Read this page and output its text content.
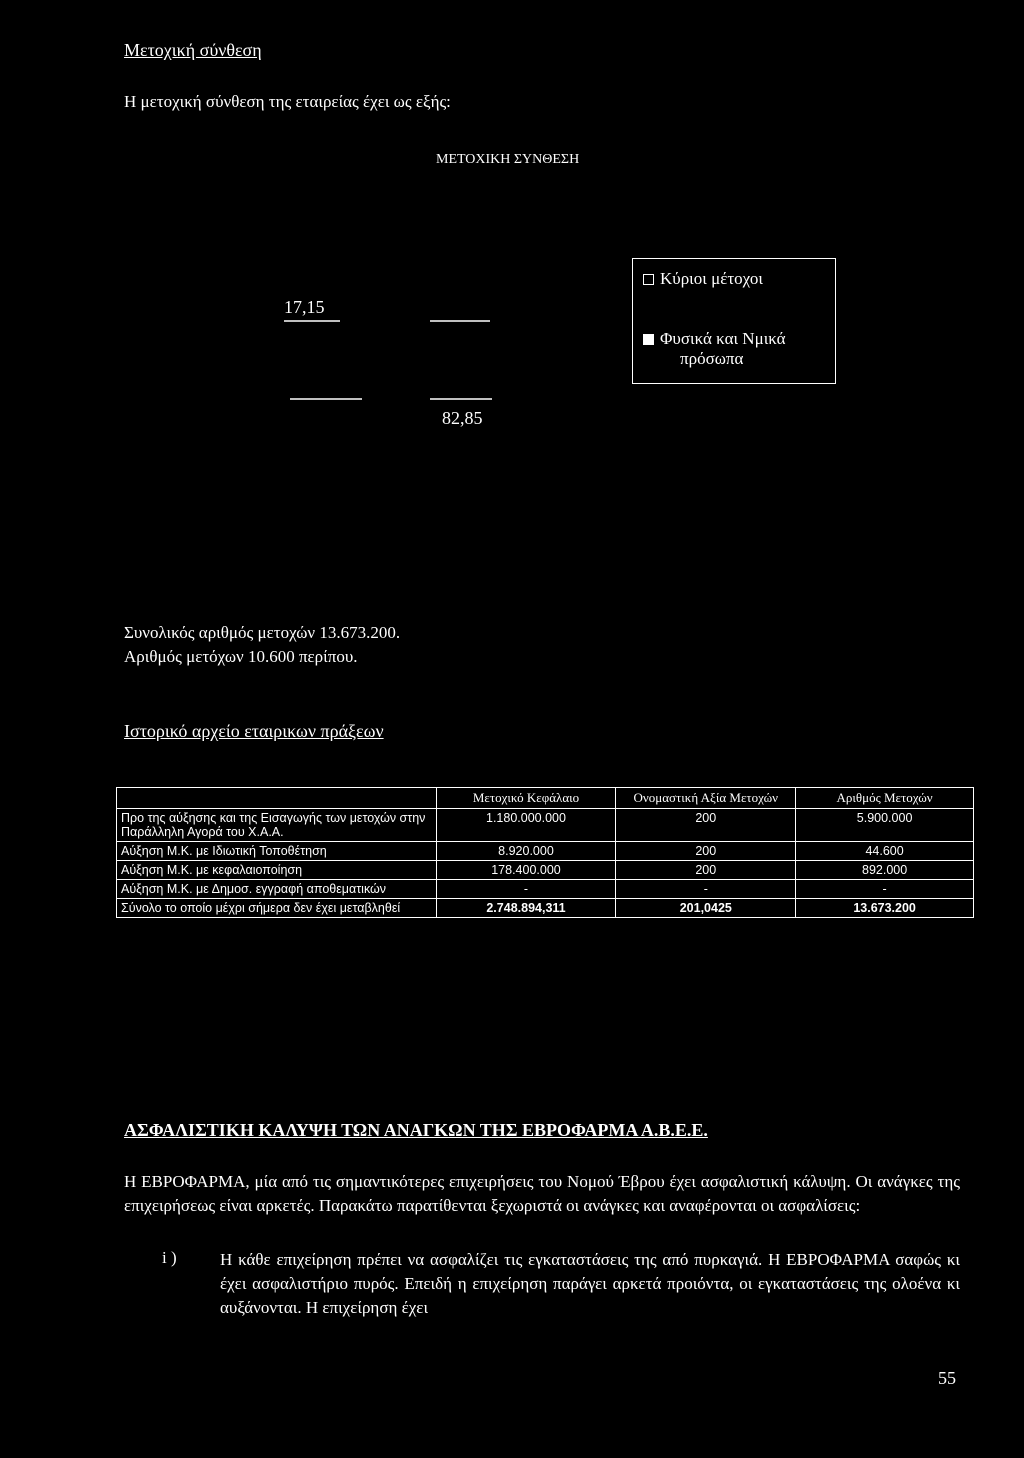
Μετοχική σύνθεση
Η μετοχική σύνθεση της εταιρείας έχει ως εξής:
ΜΕΤΟΧΙΚΗ ΣΥΝΘΕΣΗ
17,15
82,85
Κύριοι μέτοχοι
Φυσικά και Νμικά
πρόσωπα
Συνολικός αριθμός μετοχών 13.673.200.
Αριθμός μετόχων 10.600 περίπου.
Ιστορικό αρχείο εταιρικων πράξεων
	Μετοχικό Κεφάλαιο	Ονομαστική Αξία Μετοχών	Αριθμός Μετοχών
Προ της αύξησης και της Εισαγωγής των μετοχών στην Παράλληλη Αγορά του Χ.Α.Α.	1.180.000.000	200	5.900.000
Αύξηση Μ.Κ. με Ιδιωτική Τοποθέτηση	8.920.000	200	44.600
Αύξηση Μ.Κ. με κεφαλαιοποίηση	178.400.000	200	892.000
Αύξηση Μ.Κ. με Δημοσ. εγγραφή αποθεματικών	-	-	-
Σύνολο το οποίο μέχρι σήμερα δεν έχει μεταβληθεί	2.748.894,311	201,0425	13.673.200
ΑΣΦΑΛΙΣΤΙΚΗ ΚΑΛΥΨΗ ΤΩΝ ΑΝΑΓΚΩΝ ΤΗΣ ΕΒΡΟΦΑΡΜΑ Α.Β.Ε.Ε.
Η ΕΒΡΟΦΑΡΜΑ, μία από τις σημαντικότερες επιχειρήσεις του Νομού Έβρου έχει ασφαλιστική κάλυψη. Οι ανάγκες της επιχειρήσεως είναι αρκετές. Παρακάτω παρατίθενται ξεχωριστά οι ανάγκες και αναφέρονται οι ασφαλίσεις:
i )	Η κάθε επιχείρηση πρέπει να ασφαλίζει τις εγκαταστάσεις της από πυρκαγιά. Η ΕΒΡΟΦΑΡΜΑ σαφώς κι έχει ασφαλιστήριο πυρός. Επειδή η επιχείρηση παράγει αρκετά προιόντα, οι εγκαταστάσεις της ολοένα κι αυξάνονται. Η επιχείρηση έχει
55
